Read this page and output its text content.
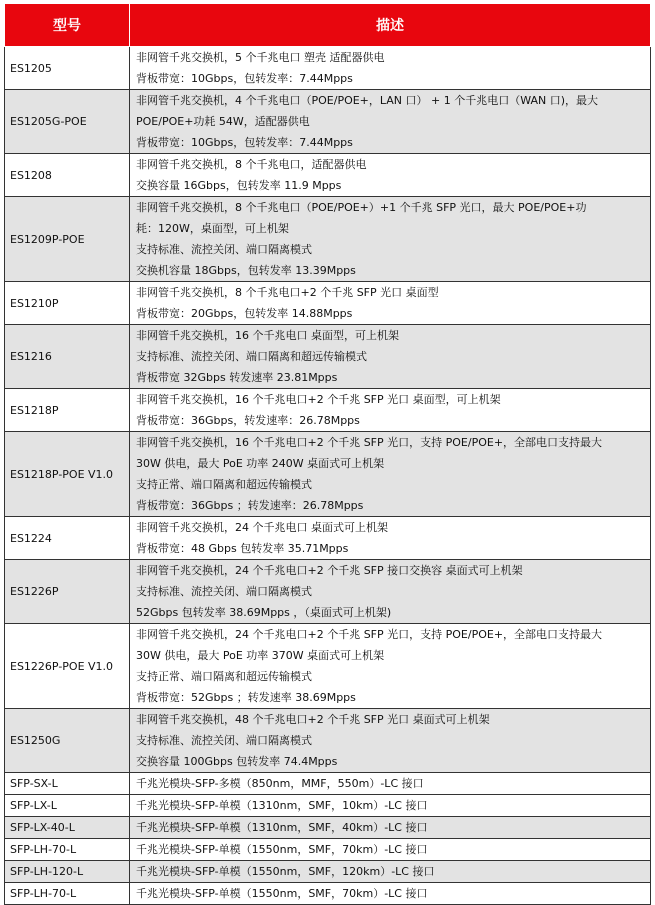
型号	描述
ES1205	非网管千兆交换机，5 个千兆电口 塑壳 适配器供电
背板带宽：10Gbps，包转发率：7.44Mpps

ES1205G-POE	非网管千兆交换机，4 个千兆电口（POE/POE+，LAN 口） + 1 个千兆电口（WAN 口)，最大
POE/POE+功耗 54W，适配器供电
背板带宽：10Gbps，包转发率：7.44Mpps

ES1208	非网管千兆交换机，8 个千兆电口，适配器供电
交换容量 16Gbps，包转发率 11.9 Mpps

ES1209P-POE	非网管千兆交换机，8 个千兆电口（POE/POE+）+1 个千兆 SFP 光口，最大 POE/POE+功
耗：120W，桌面型，可上机架
支持标准、流控关闭、端口隔离模式
交换机容量 18Gbps，包转发率 13.39Mpps

ES1210P	非网管千兆交换机，8 个千兆电口+2 个千兆 SFP 光口 桌面型
背板带宽：20Gbps，包转发率 14.88Mpps

ES1216	非网管千兆交换机，16 个千兆电口 桌面型，可上机架
支持标准、流控关闭、端口隔离和超远传输模式
背板带宽 32Gbps 转发速率 23.81Mpps

ES1218P	非网管千兆交换机，16 个千兆电口+2 个千兆 SFP 光口 桌面型，可上机架
背板带宽：36Gbps，转发速率：26.78Mpps

ES1218P-POE V1.0	非网管千兆交换机，16 个千兆电口+2 个千兆 SFP 光口，支持 POE/POE+，全部电口支持最大
30W 供电，最大 PoE 功率 240W 桌面式可上机架
支持正常、端口隔离和超远传输模式
背板带宽：36Gbps ；转发速率：26.78Mpps

ES1224	非网管千兆交换机，24 个千兆电口 桌面式可上机架
背板带宽：48 Gbps 包转发率 35.71Mpps

ES1226P	非网管千兆交换机，24 个千兆电口+2 个千兆 SFP 接口交换容 桌面式可上机架
支持标准、流控关闭、端口隔离模式
52Gbps 包转发率 38.69Mpps ，（桌面式可上机架)

ES1226P-POE V1.0	非网管千兆交换机，24 个千兆电口+2 个千兆 SFP 光口，支持 POE/POE+，全部电口支持最大
30W 供电，最大 PoE 功率 370W 桌面式可上机架
支持正常、端口隔离和超远传输模式
背板带宽：52Gbps ；转发速率 38.69Mpps

ES1250G	非网管千兆交换机，48 个千兆电口+2 个千兆 SFP 光口 桌面式可上机架
支持标准、流控关闭、端口隔离模式
交换容量 100Gbps 包转发率 74.4Mpps

SFP-SX-L	千兆光模块-SFP-多模（850nm，MMF，550m）-LC 接口

SFP-LX-L	千兆光模块-SFP-单模（1310nm，SMF，10km）-LC 接口

SFP-LX-40-L	千兆光模块-SFP-单模（1310nm，SMF，40km）-LC 接口

SFP-LH-70-L	千兆光模块-SFP-单模（1550nm，SMF，70km）-LC 接口

SFP-LH-120-L	千兆光模块-SFP-单模（1550nm，SMF，120km）-LC 接口

SFP-LH-70-L	千兆光模块-SFP-单模（1550nm，SMF，70km）-LC 接口
